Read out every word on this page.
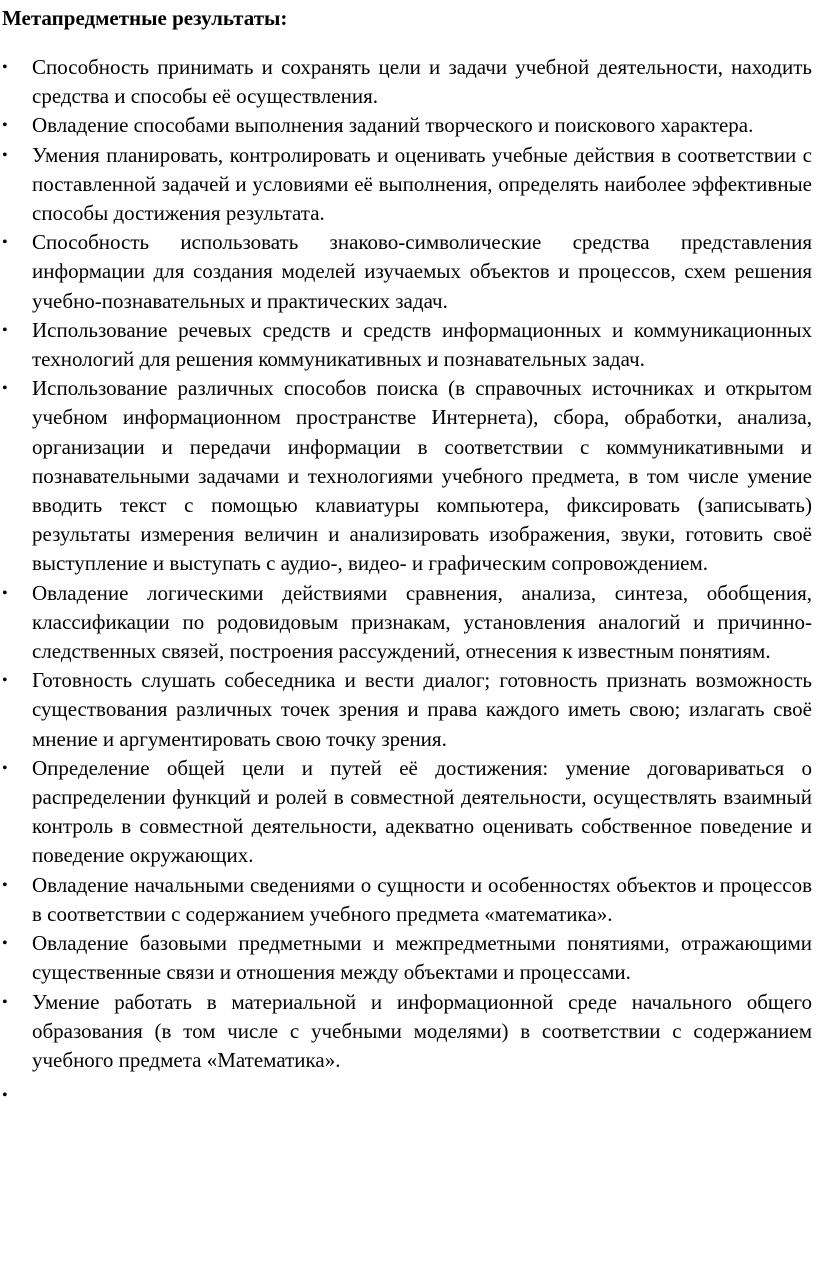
Метапредметные результаты:
•	Способность принимать и сохранять цели и задачи учебной деятельности, находить средства и способы её осуществления.
•	Овладение способами выполнения заданий творческого и поискового характера.
•	Умения планировать, контролировать и оценивать учебные действия в соответствии с поставленной задачей и условиями её выполнения, определять наиболее эффективные способы достижения результата.
•	Способность использовать знаково-символические средства представления информации для создания моделей изучаемых объектов и процессов, схем решения учебно-познавательных и практических задач.
•	Использование речевых средств и средств информационных и коммуникационных технологий для решения коммуникативных и познавательных задач.
•	Использование различных способов поиска (в справочных источниках и открытом учебном информационном пространстве Интернета), сбора, обработки, анализа, организации и передачи информации в соответствии с коммуникативными и познавательными задачами и технологиями учебного предмета, в том числе умение вводить текст с помощью клавиатуры компьютера, фиксировать (записывать) результаты измерения величин и анализировать изображения, звуки, готовить своё выступление и выступать с аудио-, видео- и графическим сопровождением.
•	Овладение логическими действиями сравнения, анализа, синтеза, обобщения, классификации по родовидовым признакам, установления аналогий и причинно-следственных связей, построения рассуждений, отнесения к известным понятиям.
•	Готовность слушать собеседника и вести диалог; готовность признать возможность существования различных точек зрения и права каждого иметь свою; излагать своё мнение и аргументировать свою точку зрения.
•	Определение общей цели и путей её достижения: умение договариваться о распределении функций и ролей в совместной деятельности, осуществлять взаимный контроль в совместной деятельности, адекватно оценивать собственное поведение и поведение окружающих.
•	Овладение начальными сведениями о сущности и особенностях объектов и процессов в соответствии с содержанием учебного предмета «математика».
•	Овладение базовыми предметными и межпредметными понятиями, отражающими существенные связи и отношения между объектами и процессами.
•	Умение работать в материальной и информационной среде начального общего образования (в том числе с учебными моделями) в соответствии с содержанием учебного предмета «Математика».
•
